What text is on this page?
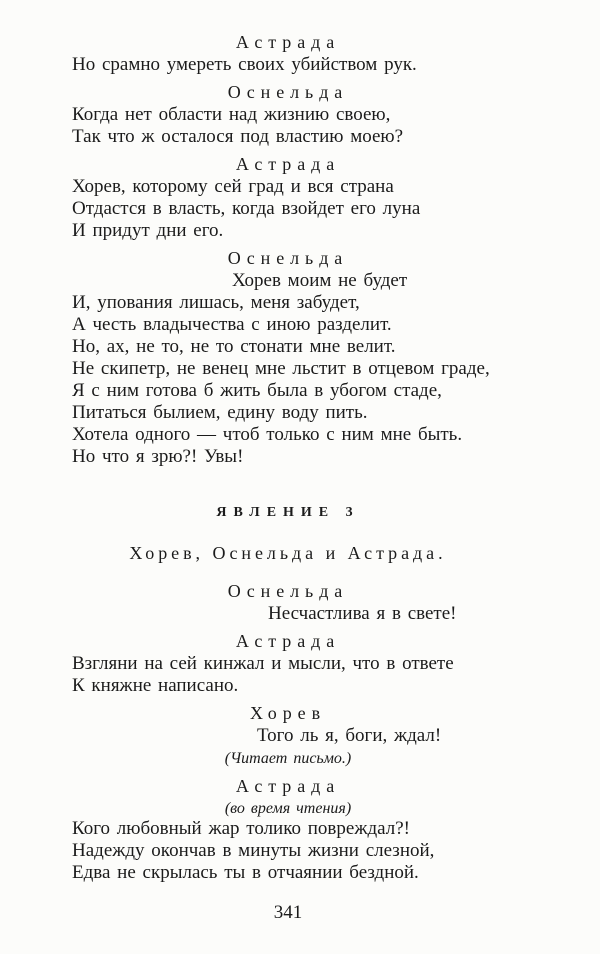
Астрада
Но срамно умереть своих убийством рук.
Оснельда
Когда нет области над жизнию своею,
Так что ж осталося под властию моею?
Астрада
Хорев, которому сей град и вся страна
Отдастся в власть, когда взойдет его луна
И придут дни его.
Оснельда
Хорев моим не будет
И, упования лишась, меня забудет,
А честь владычества с иною разделит.
Но, ах, не то, не то стонати мне велит.
Не скипетр, не венец мне льстит в отцевом граде,
Я с ним готова б жить была в убогом стаде,
Питаться былием, едину воду пить.
Хотела одного — чтоб только с ним мне быть.
Но что я зрю?! Увы!
ЯВЛЕНИЕ 3
Хорев, Оснельда и Астрада.
Оснельда
Несчастлива я в свете!
Астрада
Взгляни на сей кинжал и мысли, что в ответе
К княжне написано.
Хорев
Того ль я, боги, ждал!
(Читает письмо.)
Астрада
(во время чтения)
Кого любовный жар толико повреждал?!
Надежду окончав в минуты жизни слезной,
Едва не скрылась ты в отчаянии бездной.
341
